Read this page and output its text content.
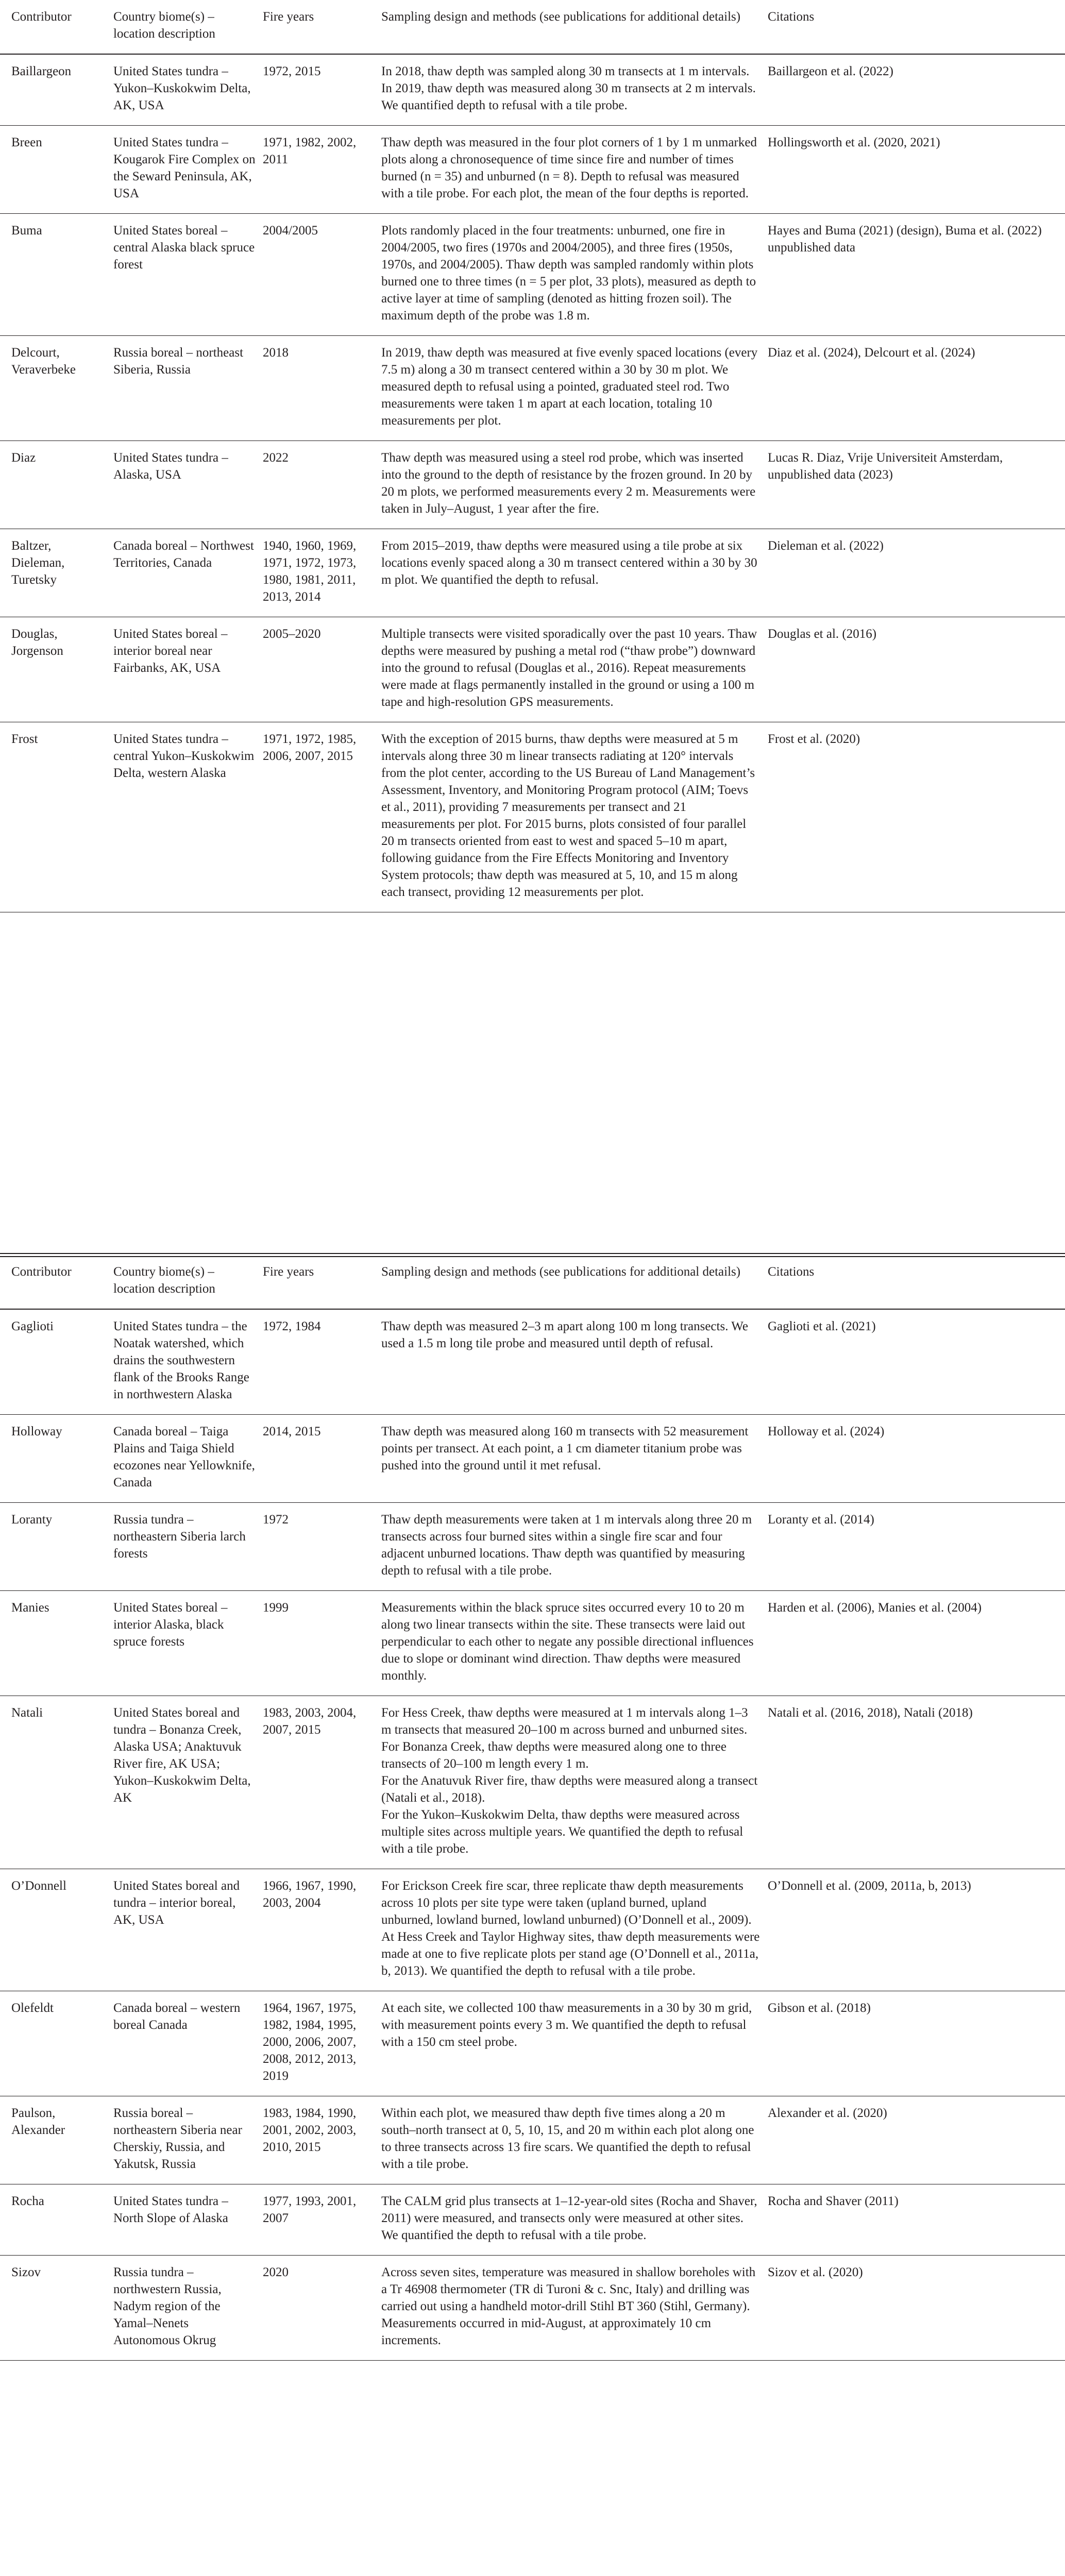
Contributor	Country biome(s) – location description	Fire years	Sampling design and methods (see publications for additional details)	Citations
Baillargeon	United States tundra – Yukon–Kuskokwim Delta, AK, USA	1972, 2015	In 2018, thaw depth was sampled along 30 m transects at 1 m intervals. In 2019, thaw depth was measured along 30 m transects at 2 m intervals. We quantified depth to refusal with a tile probe.	Baillargeon et al. (2022)
Breen	United States tundra – Kougarok Fire Complex on the Seward Peninsula, AK, USA	1971, 1982, 2002, 2011	Thaw depth was measured in the four plot corners of 1 by 1 m unmarked plots along a chronosequence of time since fire and number of times burned (n = 35) and unburned (n = 8). Depth to refusal was measured with a tile probe. For each plot, the mean of the four depths is reported.	Hollingsworth et al. (2020, 2021)
Buma	United States boreal – central Alaska black spruce forest	2004/2005	Plots randomly placed in the four treatments: unburned, one fire in 2004/2005, two fires (1970s and 2004/2005), and three fires (1950s, 1970s, and 2004/2005). Thaw depth was sampled randomly within plots burned one to three times (n = 5 per plot, 33 plots), measured as depth to active layer at time of sampling (denoted as hitting frozen soil). The maximum depth of the probe was 1.8 m.	Hayes and Buma (2021) (design), Buma et al. (2022) unpublished data
Delcourt, Veraverbeke	Russia boreal – northeast Siberia, Russia	2018	In 2019, thaw depth was measured at five evenly spaced locations (every 7.5 m) along a 30 m transect centered within a 30 by 30 m plot. We measured depth to refusal using a pointed, graduated steel rod. Two measurements were taken 1 m apart at each location, totaling 10 measurements per plot.	Diaz et al. (2024), Delcourt et al. (2024)
Diaz	United States tundra – Alaska, USA	2022	Thaw depth was measured using a steel rod probe, which was inserted into the ground to the depth of resistance by the frozen ground. In 20 by 20 m plots, we performed measurements every 2 m. Measurements were taken in July–August, 1 year after the fire.	Lucas R. Diaz, Vrije Universiteit Amsterdam, unpublished data (2023)
Baltzer, Dieleman, Turetsky	Canada boreal – Northwest Territories, Canada	1940, 1960, 1969, 1971, 1972, 1973, 1980, 1981, 2011, 2013, 2014	From 2015–2019, thaw depths were measured using a tile probe at six locations evenly spaced along a 30 m transect centered within a 30 by 30 m plot. We quantified the depth to refusal.	Dieleman et al. (2022)
Douglas, Jorgenson	United States boreal – interior boreal near Fairbanks, AK, USA	2005–2020	Multiple transects were visited sporadically over the past 10 years. Thaw depths were measured by pushing a metal rod (“thaw probe”) downward into the ground to refusal (Douglas et al., 2016). Repeat measurements were made at flags permanently installed in the ground or using a 100 m tape and high-resolution GPS measurements.	Douglas et al. (2016)
Frost	United States tundra – central Yukon–Kuskokwim Delta, western Alaska	1971, 1972, 1985, 2006, 2007, 2015	With the exception of 2015 burns, thaw depths were measured at 5 m intervals along three 30 m linear transects radiating at 120° intervals from the plot center, according to the US Bureau of Land Management’s Assessment, Inventory, and Monitoring Program protocol (AIM; Toevs et al., 2011), providing 7 measurements per transect and 21 measurements per plot. For 2015 burns, plots consisted of four parallel 20 m transects oriented from east to west and spaced 5–10 m apart, following guidance from the Fire Effects Monitoring and Inventory System protocols; thaw depth was measured at 5, 10, and 15 m along each transect, providing 12 measurements per plot.	Frost et al. (2020)
Contributor	Country biome(s) – location description	Fire years	Sampling design and methods (see publications for additional details)	Citations
Gaglioti	United States tundra – the Noatak watershed, which drains the southwestern flank of the Brooks Range in northwestern Alaska	1972, 1984	Thaw depth was measured 2–3 m apart along 100 m long transects. We used a 1.5 m long tile probe and measured until depth of refusal.	Gaglioti et al. (2021)
Holloway	Canada boreal – Taiga Plains and Taiga Shield ecozones near Yellowknife, Canada	2014, 2015	Thaw depth was measured along 160 m transects with 52 measurement points per transect. At each point, a 1 cm diameter titanium probe was pushed into the ground until it met refusal.	Holloway et al. (2024)
Loranty	Russia tundra – northeastern Siberia larch forests	1972	Thaw depth measurements were taken at 1 m intervals along three 20 m transects across four burned sites within a single fire scar and four adjacent unburned locations. Thaw depth was quantified by measuring depth to refusal with a tile probe.	Loranty et al. (2014)
Manies	United States boreal – interior Alaska, black spruce forests	1999	Measurements within the black spruce sites occurred every 10 to 20 m along two linear transects within the site. These transects were laid out perpendicular to each other to negate any possible directional influences due to slope or dominant wind direction. Thaw depths were measured monthly.	Harden et al. (2006), Manies et al. (2004)
Natali	United States boreal and tundra – Bonanza Creek, Alaska USA; Anaktuvuk River fire, AK USA; Yukon–Kuskokwim Delta, AK	1983, 2003, 2004, 2007, 2015	For Hess Creek, thaw depths were measured at 1 m intervals along 1–3 m transects that measured 20–100 m across burned and unburned sites.
For Bonanza Creek, thaw depths were measured along one to three transects of 20–100 m length every 1 m.
For the Anatuvuk River fire, thaw depths were measured along a transect (Natali et al., 2018).
For the Yukon–Kuskokwim Delta, thaw depths were measured across multiple sites across multiple years. We quantified the depth to refusal with a tile probe.	Natali et al. (2016, 2018), Natali (2018)
O’Donnell	United States boreal and tundra – interior boreal, AK, USA	1966, 1967, 1990, 2003, 2004	For Erickson Creek fire scar, three replicate thaw depth measurements across 10 plots per site type were taken (upland burned, upland unburned, lowland burned, lowland unburned) (O’Donnell et al., 2009). At Hess Creek and Taylor Highway sites, thaw depth measurements were made at one to five replicate plots per stand age (O’Donnell et al., 2011a, b, 2013). We quantified the depth to refusal with a tile probe.	O’Donnell et al. (2009, 2011a, b, 2013)
Olefeldt	Canada boreal – western boreal Canada	1964, 1967, 1975, 1982, 1984, 1995, 2000, 2006, 2007, 2008, 2012, 2013, 2019	At each site, we collected 100 thaw measurements in a 30 by 30 m grid, with measurement points every 3 m. We quantified the depth to refusal with a 150 cm steel probe.	Gibson et al. (2018)
Paulson, Alexander	Russia boreal – northeastern Siberia near Cherskiy, Russia, and Yakutsk, Russia	1983, 1984, 1990, 2001, 2002, 2003, 2010, 2015	Within each plot, we measured thaw depth five times along a 20 m south–north transect at 0, 5, 10, 15, and 20 m within each plot along one to three transects across 13 fire scars. We quantified the depth to refusal with a tile probe.	Alexander et al. (2020)
Rocha	United States tundra – North Slope of Alaska	1977, 1993, 2001, 2007	The CALM grid plus transects at 1–12-year-old sites (Rocha and Shaver, 2011) were measured, and transects only were measured at other sites. We quantified the depth to refusal with a tile probe.	Rocha and Shaver (2011)
Sizov	Russia tundra – northwestern Russia, Nadym region of the Yamal–Nenets Autonomous Okrug	2020	Across seven sites, temperature was measured in shallow boreholes with a Tr 46908 thermometer (TR di Turoni & c. Snc, Italy) and drilling was carried out using a handheld motor-drill Stihl BT 360 (Stihl, Germany). Measurements occurred in mid-August, at approximately 10 cm increments.	Sizov et al. (2020)
